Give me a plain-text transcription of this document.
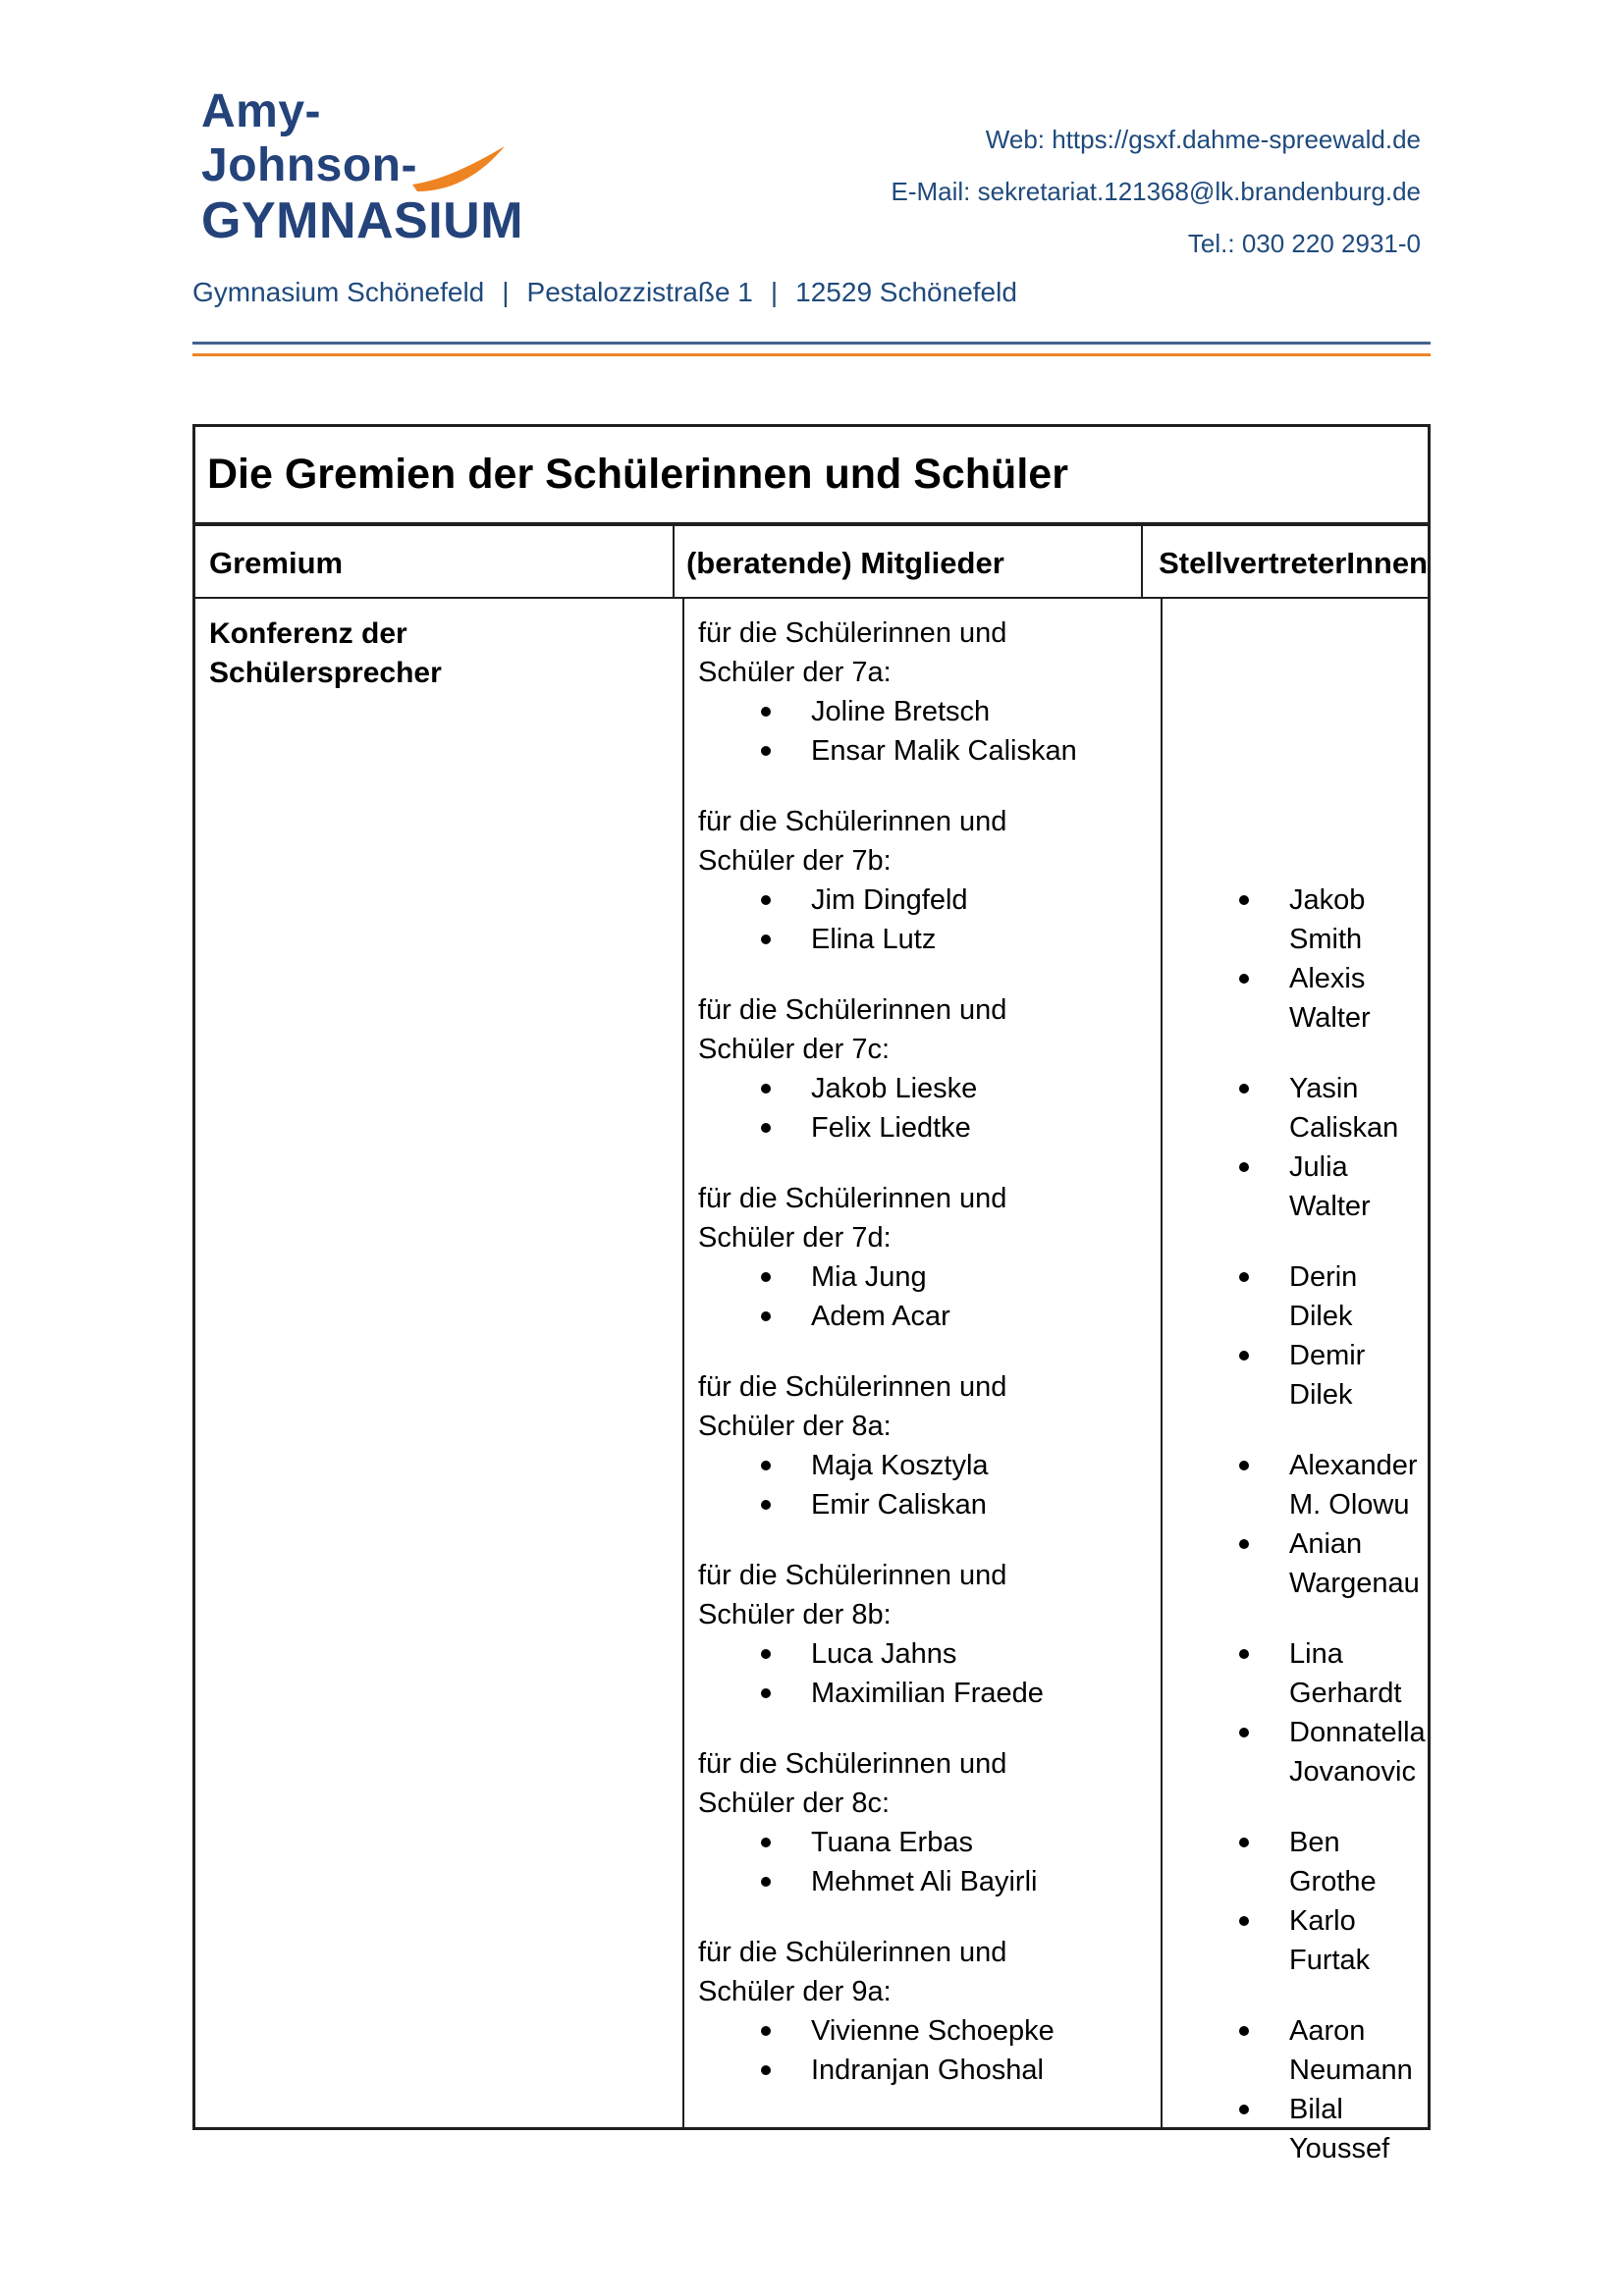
Amy-
Johnson-
GYMNASIUM
Web: https://gsxf.dahme-spreewald.de
E-Mail: sekretariat.121368@lk.brandenburg.de
Tel.: 030 220 2931-0
Gymnasium Schönefeld | Pestalozzistraße 1 | 12529 Schönefeld
Die Gremien der Schülerinnen und Schüler
Gremium	(beratende) Mitglieder	StellvertreterInnen
Konferenz der Schülersprecher

für die Schülerinnen und

Schüler der 7a:

Joline Bretsch
Ensar Malik Caliskan

für die Schülerinnen und

Schüler der 7b:

Jim Dingfeld
Elina Lutz

für die Schülerinnen und

Schüler der 7c:

Jakob Lieske
Felix Liedtke

für die Schülerinnen und

Schüler der 7d:

Mia Jung
Adem Acar

für die Schülerinnen und

Schüler der 8a:

Maja Kosztyla
Emir Caliskan

für die Schülerinnen und

Schüler der 8b:

Luca Jahns
Maximilian Fraede

für die Schülerinnen und

Schüler der 8c:

Tuana Erbas
Mehmet Ali Bayirli

für die Schülerinnen und

Schüler der 9a:

Vivienne Schoepke
Indranjan Ghoshal
Jakob Smith
Alexis Walter
Yasin Caliskan
Julia Walter
Derin Dilek
Demir Dilek
Alexander M. Olowu
Anian Wargenau
Lina Gerhardt
Donnatella Jovanovic
Ben Grothe
Karlo Furtak
Aaron Neumann
Bilal Youssef
